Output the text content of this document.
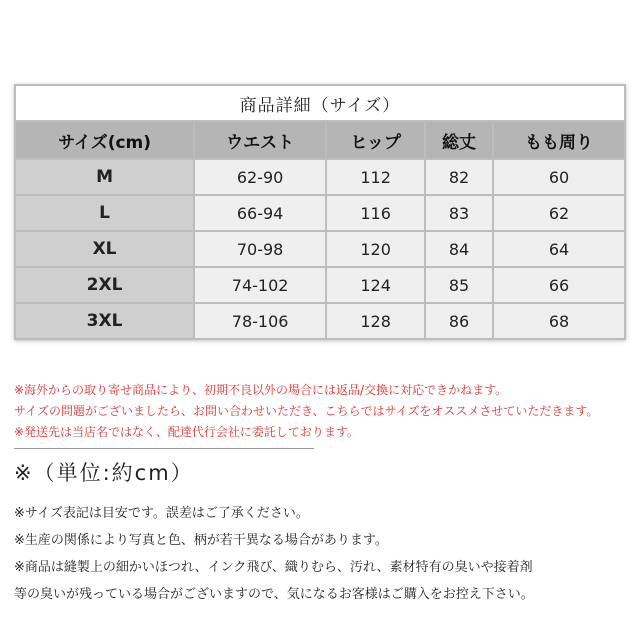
商品詳細（サイズ）				
サイズ(cm)	ウエスト	ヒップ	総丈	もも周り
M	62-90	112	82	60
L	66-94	116	83	62
XL	70-98	120	84	64
2XL	74-102	124	85	66
3XL	78-106	128	86	68
※海外からの取り寄せ商品により、初期不良以外の場合には返品/交換に対応できかねます。
サイズの問題がございましたら、お問い合わせいただき、こちらではサイズをオススメさせていただきます。
※発送先は当店名ではなく、配達代行会社に委託しております。
※（単位:約cm）
※サイズ表記は目安です。誤差はご了承ください。
※生産の関係により写真と色、柄が若干異なる場合があります。
※商品は縫製上の細かいほつれ、インク飛び、織りむら、汚れ、素材特有の臭いや接着剤
等の臭いが残っている場合がございますので、気になるお客様はご購入をお控え下さい。
